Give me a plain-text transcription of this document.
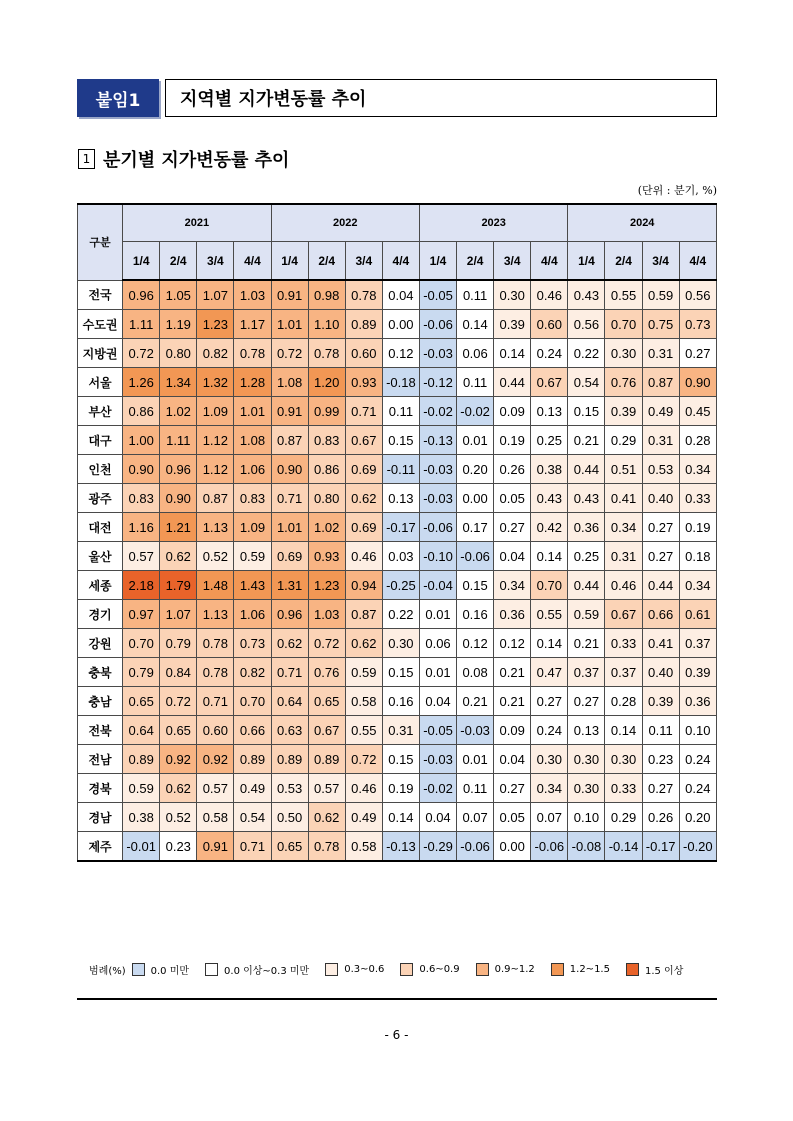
붙임1	지역별 지가변동률 추이
1 분기별 지가변동률 추이
(단위 : 분기, %)
구분	2021				2022				2023				2024			
	1/4	2/4	3/4	4/4	1/4	2/4	3/4	4/4	1/4	2/4	3/4	4/4	1/4	2/4	3/4	4/4
전국	0.96	1.05	1.07	1.03	0.91	0.98	0.78	0.04	-0.05	0.11	0.30	0.46	0.43	0.55	0.59	0.56
수도권	1.11	1.19	1.23	1.17	1.01	1.10	0.89	0.00	-0.06	0.14	0.39	0.60	0.56	0.70	0.75	0.73
지방권	0.72	0.80	0.82	0.78	0.72	0.78	0.60	0.12	-0.03	0.06	0.14	0.24	0.22	0.30	0.31	0.27
서울	1.26	1.34	1.32	1.28	1.08	1.20	0.93	-0.18	-0.12	0.11	0.44	0.67	0.54	0.76	0.87	0.90
부산	0.86	1.02	1.09	1.01	0.91	0.99	0.71	0.11	-0.02	-0.02	0.09	0.13	0.15	0.39	0.49	0.45
대구	1.00	1.11	1.12	1.08	0.87	0.83	0.67	0.15	-0.13	0.01	0.19	0.25	0.21	0.29	0.31	0.28
인천	0.90	0.96	1.12	1.06	0.90	0.86	0.69	-0.11	-0.03	0.20	0.26	0.38	0.44	0.51	0.53	0.34
광주	0.83	0.90	0.87	0.83	0.71	0.80	0.62	0.13	-0.03	0.00	0.05	0.43	0.43	0.41	0.40	0.33
대전	1.16	1.21	1.13	1.09	1.01	1.02	0.69	-0.17	-0.06	0.17	0.27	0.42	0.36	0.34	0.27	0.19
울산	0.57	0.62	0.52	0.59	0.69	0.93	0.46	0.03	-0.10	-0.06	0.04	0.14	0.25	0.31	0.27	0.18
세종	2.18	1.79	1.48	1.43	1.31	1.23	0.94	-0.25	-0.04	0.15	0.34	0.70	0.44	0.46	0.44	0.34
경기	0.97	1.07	1.13	1.06	0.96	1.03	0.87	0.22	0.01	0.16	0.36	0.55	0.59	0.67	0.66	0.61
강원	0.70	0.79	0.78	0.73	0.62	0.72	0.62	0.30	0.06	0.12	0.12	0.14	0.21	0.33	0.41	0.37
충북	0.79	0.84	0.78	0.82	0.71	0.76	0.59	0.15	0.01	0.08	0.21	0.47	0.37	0.37	0.40	0.39
충남	0.65	0.72	0.71	0.70	0.64	0.65	0.58	0.16	0.04	0.21	0.21	0.27	0.27	0.28	0.39	0.36
전북	0.64	0.65	0.60	0.66	0.63	0.67	0.55	0.31	-0.05	-0.03	0.09	0.24	0.13	0.14	0.11	0.10
전남	0.89	0.92	0.92	0.89	0.89	0.89	0.72	0.15	-0.03	0.01	0.04	0.30	0.30	0.30	0.23	0.24
경북	0.59	0.62	0.57	0.49	0.53	0.57	0.46	0.19	-0.02	0.11	0.27	0.34	0.30	0.33	0.27	0.24
경남	0.38	0.52	0.58	0.54	0.50	0.62	0.49	0.14	0.04	0.07	0.05	0.07	0.10	0.29	0.26	0.20
제주	-0.01	0.23	0.91	0.71	0.65	0.78	0.58	-0.13	-0.29	-0.06	0.00	-0.06	-0.08	-0.14	-0.17	-0.20
범례(%)	0.0 미만	0.0 이상~0.3 미만	0.3~0.6	0.6~0.9	0.9~1.2	1.2~1.5	1.5 이상
- 6 -
